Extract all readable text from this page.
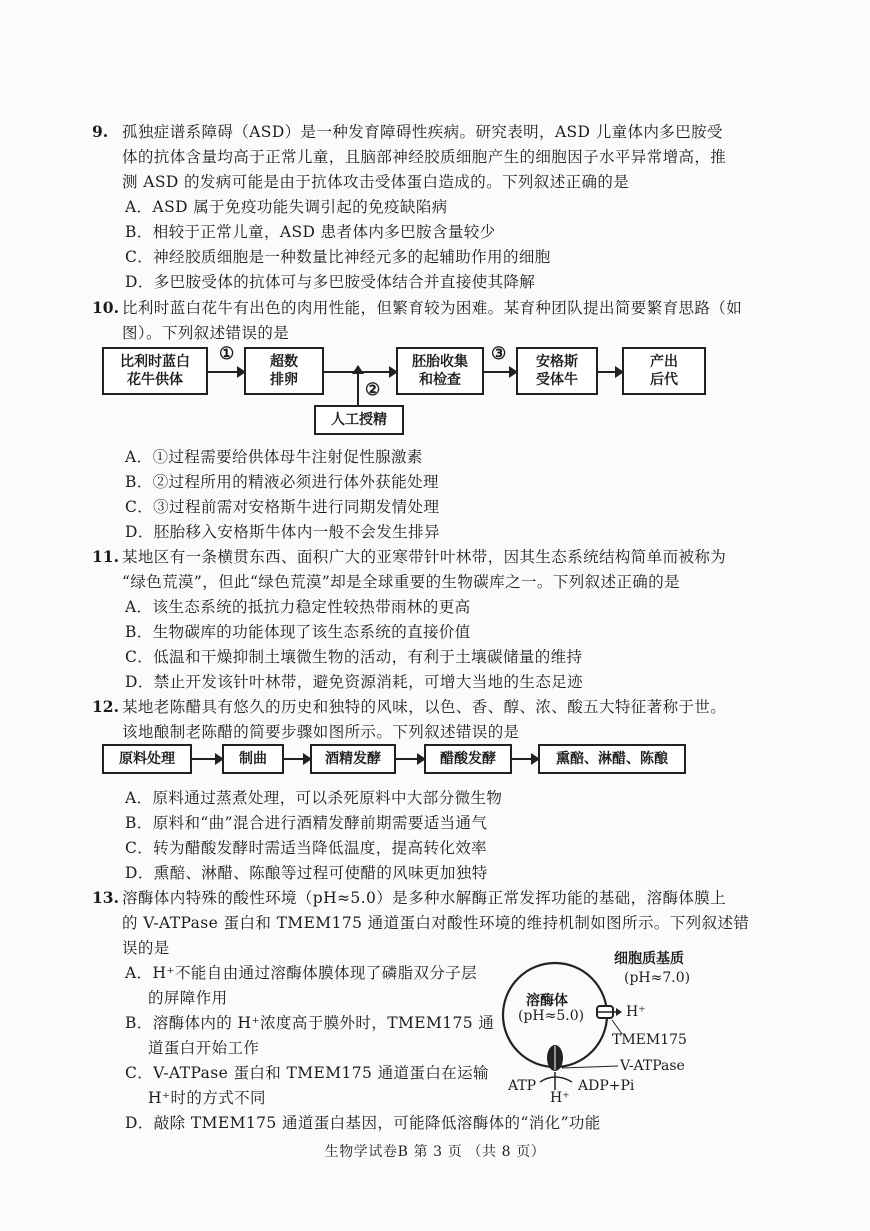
9. 孤独症谱系障碍（ASD）是一种发育障碍性疾病。研究表明，ASD 儿童体内多巴胺受
体的抗体含量均高于正常儿童，且脑部神经胶质细胞产生的细胞因子水平异常增高，推
测 ASD 的发病可能是由于抗体攻击受体蛋白造成的。下列叙述正确的是
A．ASD 属于免疫功能失调引起的免疫缺陷病
B．相较于正常儿童，ASD 患者体内多巴胺含量较少
C．神经胶质细胞是一种数量比神经元多的起辅助作用的细胞
D．多巴胺受体的抗体可与多巴胺受体结合并直接使其降解
10. 比利时蓝白花牛有出色的肉用性能，但繁育较为困难。某育种团队提出简要繁育思路（如
图）。下列叙述错误的是
比利时蓝白
花牛供体
①	超数
排卵
胚胎收集
和检查
③	安格斯
受体牛
产出
后代
②
人工授精
A．①过程需要给供体母牛注射促性腺激素
B．②过程所用的精液必须进行体外获能处理
C．③过程前需对安格斯牛进行同期发情处理
D．胚胎移入安格斯牛体内一般不会发生排异
11. 某地区有一条横贯东西、面积广大的亚寒带针叶林带，因其生态系统结构简单而被称为
“绿色荒漠”，但此“绿色荒漠”却是全球重要的生物碳库之一。下列叙述正确的是
A．该生态系统的抵抗力稳定性较热带雨林的更高
B．生物碳库的功能体现了该生态系统的直接价值
C．低温和干燥抑制土壤微生物的活动，有利于土壤碳储量的维持
D．禁止开发该针叶林带，避免资源消耗，可增大当地的生态足迹
12. 某地老陈醋具有悠久的历史和独特的风味，以色、香、醇、浓、酸五大特征著称于世。
该地酿制老陈醋的简要步骤如图所示。下列叙述错误的是
原料处理	制曲	酒精发酵	醋酸发酵	熏醅、淋醋、陈酿
A．原料通过蒸煮处理，可以杀死原料中大部分微生物
B．原料和“曲”混合进行酒精发酵前期需要适当通气
C．转为醋酸发酵时需适当降低温度，提高转化效率
D．熏醅、淋醋、陈酿等过程可使醋的风味更加独特
13. 溶酶体内特殊的酸性环境（pH≈5.0）是多种水解酶正常发挥功能的基础，溶酶体膜上
的 V-ATPase 蛋白和 TMEM175 通道蛋白对酸性环境的维持机制如图所示。下列叙述错
误的是
A．H⁺不能自由通过溶酶体膜体现了磷脂双分子层
的屏障作用
B．溶酶体内的 H⁺浓度高于膜外时，TMEM175 通
道蛋白开始工作
C．V-ATPase 蛋白和 TMEM175 通道蛋白在运输
H⁺时的方式不同
D．敲除 TMEM175 通道蛋白基因，可能降低溶酶体的“消化”功能
细胞质基质
(pH≈7.0)
溶酶体
(pH≈5.0)	H⁺
TMEM175
V-ATPase
ATP
H⁺
ADP+Pi
生物学试卷B 第 3 页 （共 8 页）
